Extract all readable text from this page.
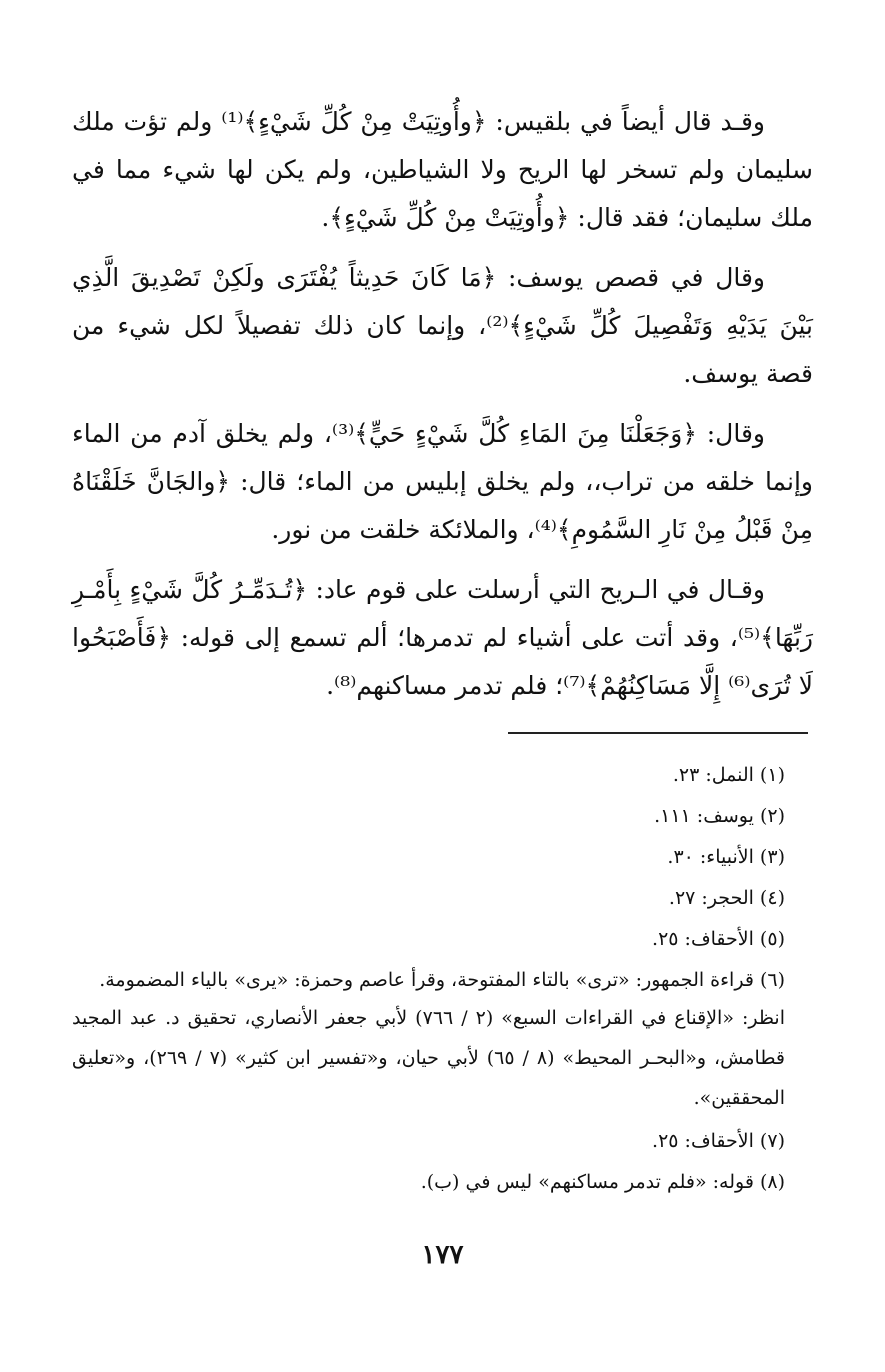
وقـد قال أيضاً في بلقيس: ﴿وأُوتِيَتْ مِنْ كُلِّ شَيْءٍ﴾⁽¹⁾ ولم تؤت ملك سليمان ولم تسخر لها الريح ولا الشياطين، ولم يكن لها شيء مما في ملك سليمان؛ فقد قال: ﴿وأُوتِيَتْ مِنْ كُلِّ شَيْءٍ﴾.

وقال في قصص يوسف: ﴿مَا كَانَ حَدِيثاً يُفْتَرَى ولَكِنْ تَصْدِيقَ الَّذِي بَيْنَ يَدَيْهِ وَتَفْصِيلَ كُلِّ شَيْءٍ﴾⁽²⁾، وإنما كان ذلك تفصيلاً لكل شيء من قصة يوسف.

وقال: ﴿وَجَعَلْنَا مِنَ المَاءِ كُلَّ شَيْءٍ حَيٍّ﴾⁽³⁾، ولم يخلق آدم من الماء وإنما خلقه من تراب،، ولم يخلق إبليس من الماء؛ قال: ﴿والجَانَّ خَلَقْنَاهُ مِنْ قَبْلُ مِنْ نَارِ السَّمُومِ﴾⁽⁴⁾، والملائكة خلقت من نور.

وقـال في الـريح التي أرسلت على قوم عاد: ﴿تُـدَمِّـرُ كُلَّ شَيْءٍ بِأَمْـرِ رَبِّهَا﴾⁽⁵⁾، وقد أتت على أشياء لم تدمرها؛ ألم تسمع إلى قوله: ﴿فَأَصْبَحُوا لَا تُرَى⁽⁶⁾ إِلَّا مَسَاكِنُهُمْ﴾⁽⁷⁾؛ فلم تدمر مساكنهم⁽⁸⁾.

(١) النمل: ٢٣.

(٢) يوسف: ١١١.

(٣) الأنبياء: ٣٠.

(٤) الحجر: ٢٧.

(٥) الأحقاف: ٢٥.

(٦) قراءة الجمهور: «ترى» بالتاء المفتوحة، وقرأ عاصم وحمزة: «يرى» بالياء المضمومة.

انظر: «الإقناع في القراءات السبع» (٢ / ٧٦٦) لأبي جعفر الأنصاري، تحقيق د. عبد المجيد قطامش، و«البحـر المحيط» (٨ / ٦٥) لأبي حيان، و«تفسير ابن كثير» (٧ / ٢٦٩)، و«تعليق المحققين».

(٧) الأحقاف: ٢٥.

(٨) قوله: «فلم تدمر مساكنهم» ليس في (ب).

١٧٧
